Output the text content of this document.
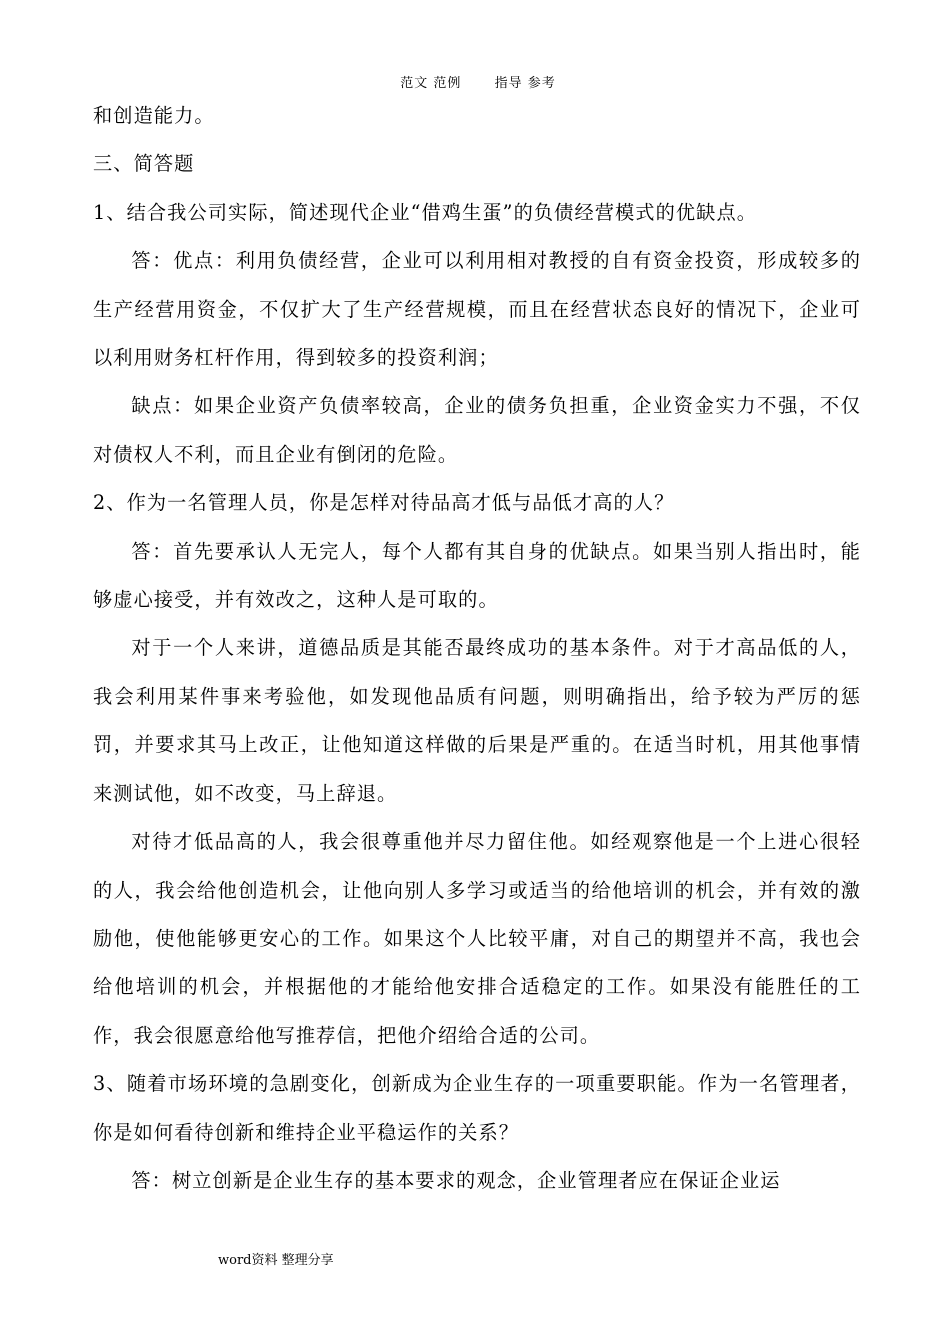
范文 范例	指导 参考

和创造能力。

三、简答题

1、结合我公司实际，简述现代企业“借鸡生蛋”的负债经营模式的优缺点。

答：优点：利用负债经营，企业可以利用相对教授的自有资金投资，形成较多的生产经营用资金，不仅扩大了生产经营规模，而且在经营状态良好的情况下，企业可以利用财务杠杆作用，得到较多的投资利润；

缺点：如果企业资产负债率较高，企业的债务负担重，企业资金实力不强，不仅对债权人不利，而且企业有倒闭的危险。

2、作为一名管理人员，你是怎样对待品高才低与品低才高的人？

答：首先要承认人无完人，每个人都有其自身的优缺点。如果当别人指出时，能够虚心接受，并有效改之，这种人是可取的。

对于一个人来讲，道德品质是其能否最终成功的基本条件。对于才高品低的人，我会利用某件事来考验他，如发现他品质有问题，则明确指出，给予较为严厉的惩罚，并要求其马上改正，让他知道这样做的后果是严重的。在适当时机，用其他事情来测试他，如不改变，马上辞退。

对待才低品高的人，我会很尊重他并尽力留住他。如经观察他是一个上进心很轻的人，我会给他创造机会，让他向别人多学习或适当的给他培训的机会，并有效的激励他，使他能够更安心的工作。如果这个人比较平庸，对自己的期望并不高，我也会给他培训的机会，并根据他的才能给他安排合适稳定的工作。如果没有能胜任的工作，我会很愿意给他写推荐信，把他介绍给合适的公司。

3、随着市场环境的急剧变化，创新成为企业生存的一项重要职能。作为一名管理者，你是如何看待创新和维持企业平稳运作的关系？

答：树立创新是企业生存的基本要求的观念，企业管理者应在保证企业运

word资料 整理分享
